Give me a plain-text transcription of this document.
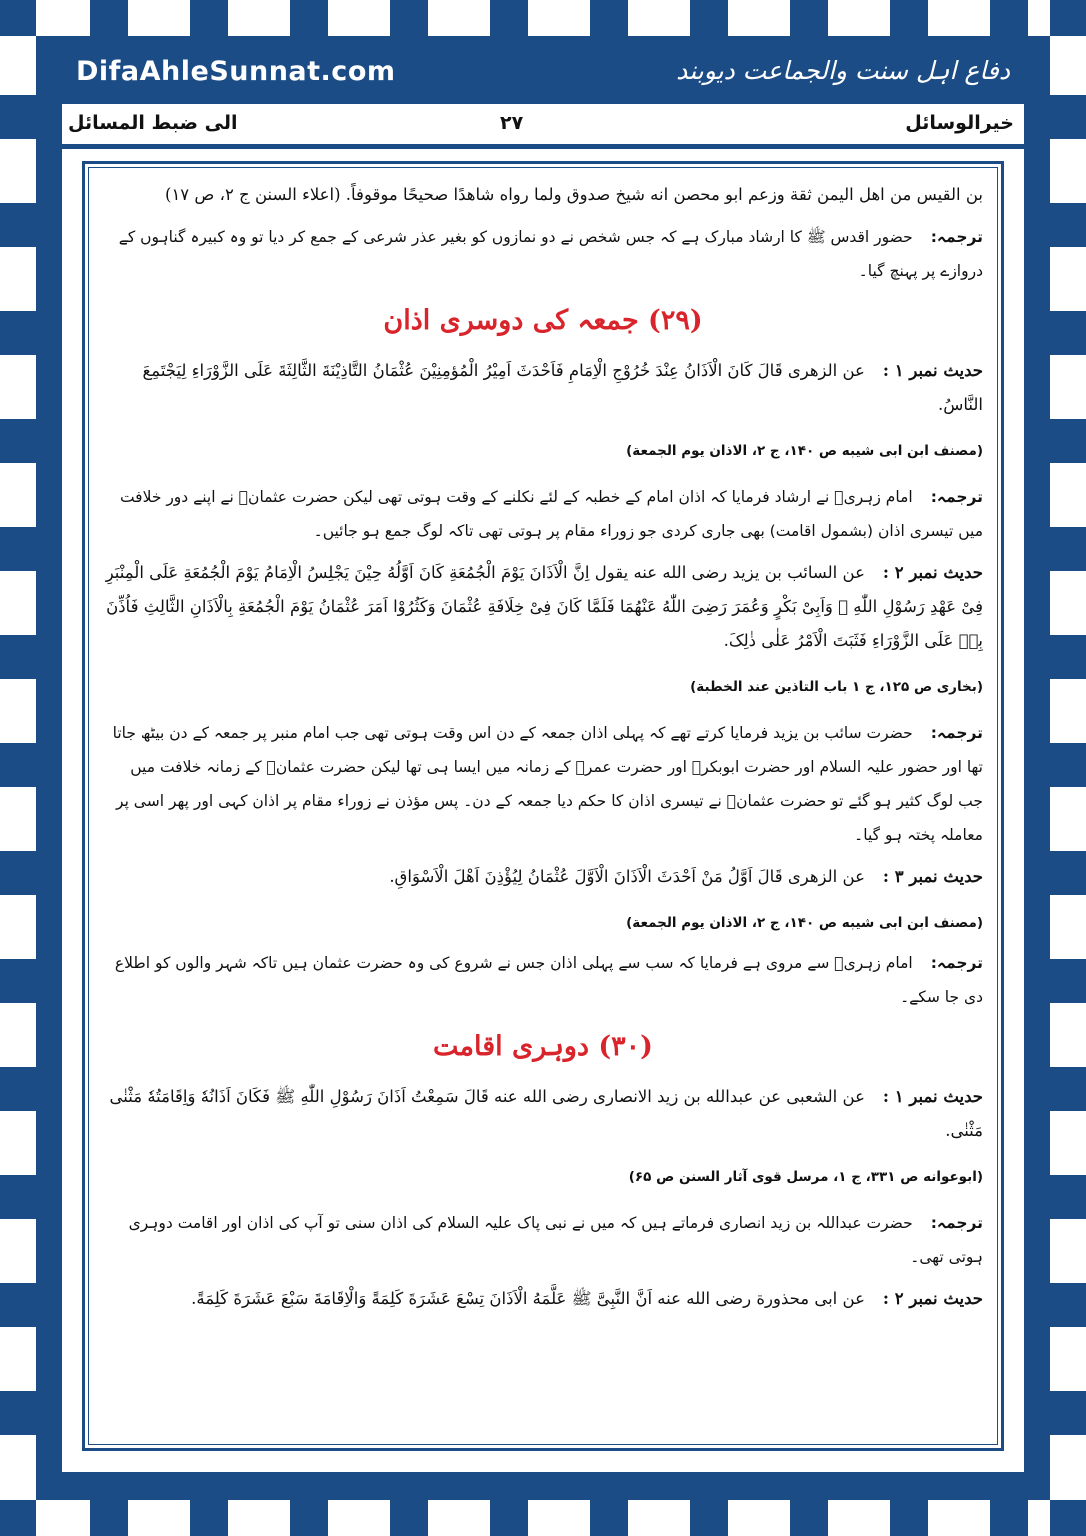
DifaAhleSunnat.com	دفاع اہل سنت والجماعت دیوبند
الی ضبط المسائل	۲۷	خیرالوسائل

بن القیس من اهل الیمن ثقة وزعم ابو محصن انه شیخ صدوق ولما رواه شاهدًا صحیحًا موقوفاً. (اعلاء السنن ج ۲، ص ۱۷)

ترجمہ:حضور اقدس ﷺ کا ارشاد مبارک ہے کہ جس شخص نے دو نمازوں کو بغیر عذر شرعی کے جمع کر دیا تو وہ کبیرہ گناہوں کے دروازے پر پہنچ گیا۔

(۲۹) جمعہ کی دوسری اذان

حدیث نمبر ۱ :عن الزهری قَالَ کَانَ الْاَذَانُ عِنْدَ خُرُوْجِ الْاِمَامِ فَاَحْدَثَ اَمِیْرُ الْمُؤمِنِیْنَ عُثْمَانُ التَّاذِیْنَةَ الثَّالِثَةَ عَلَی الزَّوْرَاءِ لِیَجْتَمِعَ النَّاسُ.

(مصنف ابن ابی شیبه ص ۱۴۰، ج ۲، الاذان یوم الجمعة)

ترجمہ:امام زہریؒ نے ارشاد فرمایا کہ اذان امام کے خطبہ کے لئے نکلنے کے وقت ہوتی تھی لیکن حضرت عثمانؓ نے اپنے دور خلافت میں تیسری اذان (بشمول اقامت) بھی جاری کردی جو زوراء مقام پر ہوتی تھی تاکہ لوگ جمع ہو جائیں۔

حدیث نمبر ۲ :عن السائب بن یزید رضی الله عنه یقول اِنَّ الْاَذَانَ یَوْمَ الْجُمُعَةِ کَانَ اَوَّلُهُ حِیْنَ یَجْلِسُ الْاِمَامُ یَوْمَ الْجُمُعَةِ عَلَی الْمِنْبَرِ فِیْ عَهْدِ رَسُوْلِ اللّٰهِ ﷺ وَاَبِیْ بَکْرٍ وَعُمَرَ رَضِیَ اللّٰهُ عَنْهُمَا فَلَمَّا کَانَ فِیْ خِلَافَةِ عُثْمَانَ وَکَثُرُوْا اَمَرَ عُثْمَانُ یَوْمَ الْجُمُعَةِ بِالْاَذَانِ الثَّالِثِ فَاُذِّنَ بِهٖ عَلَی الزَّوْرَاءِ فَثَبَتَ الْاَمْرُ عَلٰی ذٰلِکَ.

(بخاری ص ۱۲۵، ج ۱ باب التاذین عند الخطبة)

ترجمہ:حضرت سائب بن یزید فرمایا کرتے تھے کہ پہلی اذان جمعہ کے دن اس وقت ہوتی تھی جب امام منبر پر جمعہ کے دن بیٹھ جاتا تھا اور حضور علیہ السلام اور حضرت ابوبکرؓ اور حضرت عمرؓ کے زمانہ میں ایسا ہی تھا لیکن حضرت عثمانؓ کے زمانہ خلافت میں جب لوگ کثیر ہو گئے تو حضرت عثمانؓ نے تیسری اذان کا حکم دیا جمعہ کے دن۔ پس مؤذن نے زوراء مقام پر اذان کہی اور پھر اسی پر معاملہ پختہ ہو گیا۔

حدیث نمبر ۳ :عن الزهری قَالَ اَوَّلُ مَنْ اَحْدَثَ الْاَذَانَ الْاَوَّلَ عُثْمَانُ لِیُؤْذِنَ اَهْلَ الْاَسْوَاقِ.

(مصنف ابن ابی شیبه ص ۱۴۰، ج ۲، الاذان یوم الجمعة)

ترجمہ:امام زہریؒ سے مروی ہے فرمایا کہ سب سے پہلی اذان جس نے شروع کی وہ حضرت عثمان ہیں تاکہ شہر والوں کو اطلاع دی جا سکے۔

(۳۰) دوہری اقامت

حدیث نمبر ۱ :عن الشعبی عن عبدالله بن زید الانصاری رضی الله عنه قَالَ سَمِعْتُ اَذَانَ رَسُوْلِ اللّٰهِ ﷺ فَکَانَ اَذَانُهٗ وَاِقَامَتُهٗ مَثْنٰی مَثْنٰی.

(ابوعوانه ص ۳۳۱، ج ۱، مرسل قوی آثار السنن ص ۶۵)

ترجمہ:حضرت عبداللہ بن زید انصاری فرماتے ہیں کہ میں نے نبی پاک علیہ السلام کی اذان سنی تو آپ کی اذان اور اقامت دوہری ہوتی تھی۔

حدیث نمبر ۲ :عن ابی محذورة رضی الله عنه اَنَّ النَّبِیَّ ﷺ عَلَّمَهُ الْاَذَانَ تِسْعَ عَشَرَةَ کَلِمَةً وَالْاِقَامَةَ سَبْعَ عَشَرَةَ کَلِمَةً.
